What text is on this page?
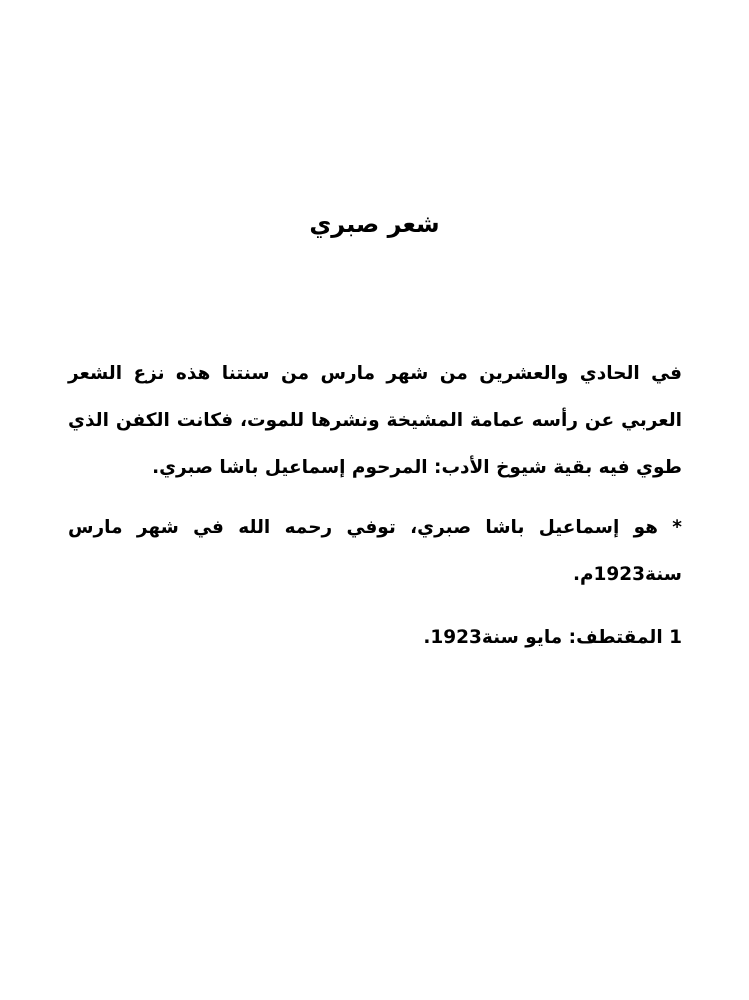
شعر صبري

في الحادي والعشرين من شهر مارس من سنتنا هذه نزع الشعر العربي عن رأسه عمامة المشيخة ونشرها للموت، فكانت الكفن الذي طوي فيه بقية شيوخ الأدب: المرحوم إسماعيل باشا صبري.

* هو إسماعيل باشا صبري، توفي رحمه الله في شهر مارس سنة1923م.

1 المقتطف: مايو سنة1923.
